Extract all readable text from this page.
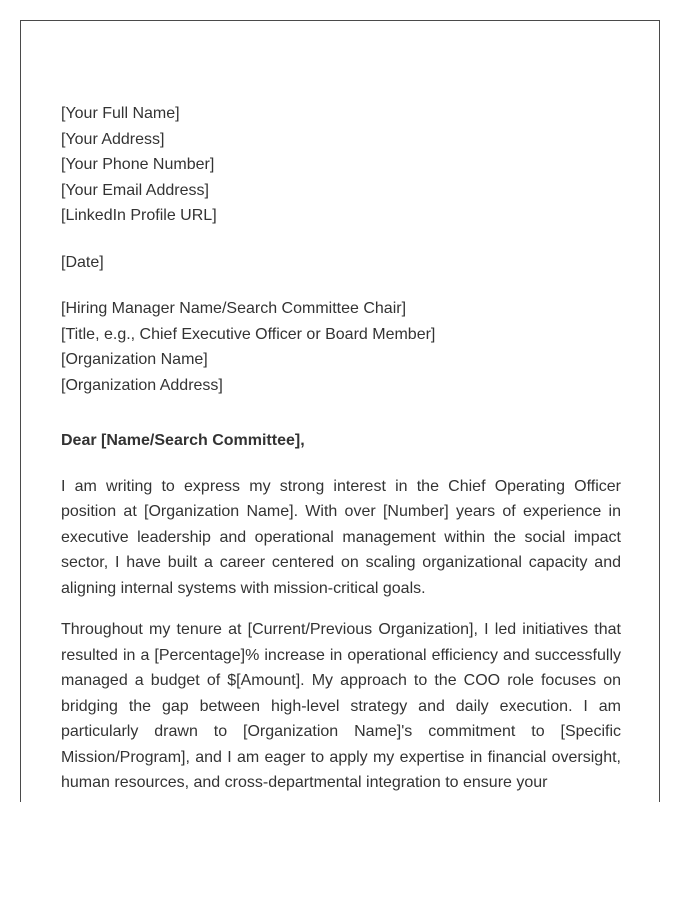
[Your Full Name]
[Your Address]
[Your Phone Number]
[Your Email Address]
[LinkedIn Profile URL]
[Date]
[Hiring Manager Name/Search Committee Chair]
[Title, e.g., Chief Executive Officer or Board Member]
[Organization Name]
[Organization Address]
Dear [Name/Search Committee],

I am writing to express my strong interest in the Chief Operating Officer position at [Organization Name]. With over [Number] years of experience in executive leadership and operational management within the social impact sector, I have built a career centered on scaling organizational capacity and aligning internal systems with mission-critical goals.

Throughout my tenure at [Current/Previous Organization], I led initiatives that resulted in a [Percentage]% increase in operational efficiency and successfully managed a budget of $[Amount]. My approach to the COO role focuses on bridging the gap between high-level strategy and daily execution. I am particularly drawn to [Organization Name]'s commitment to [Specific Mission/Program], and I am eager to apply my expertise in financial oversight, human resources, and cross-departmental integration to ensure your
